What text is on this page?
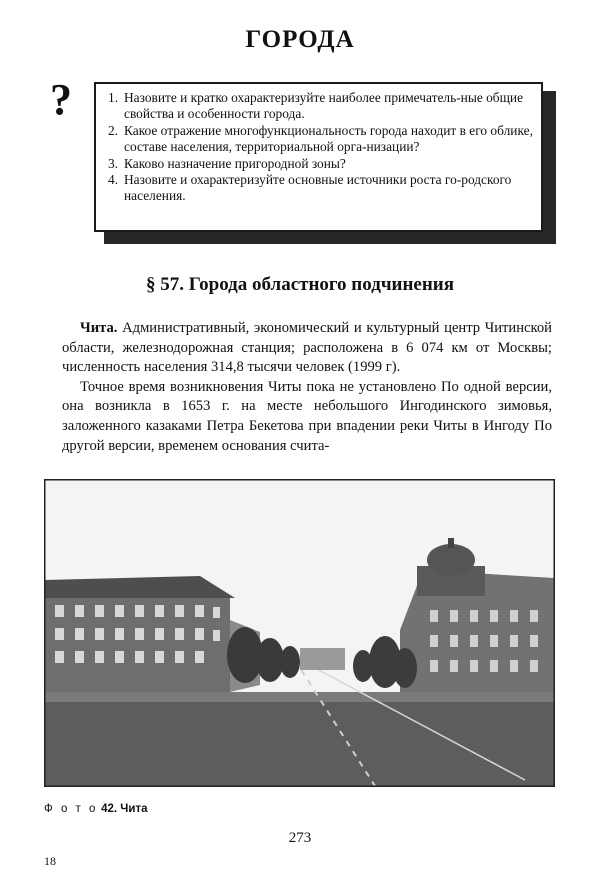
ГОРОДА
?	1. Назовите и кратко охарактеризуйте наиболее примечатель-ные общие свойства и особенности города.
2. Какое отражение многофункциональность города находит в его облике, составе населения, территориальной орга-низации?
3. Каково назначение пригородной зоны?
4. Назовите и охарактеризуйте основные источники роста го-родского населения.
§ 57. Города областного подчинения

Чита. Административный, экономический и культурный центр Читинской области, железнодорожная станция; расположена в 6 074 км от Москвы; численность населения 314,8 тысячи человек (1999 г).

Точное время возникновения Читы пока не установлено По одной версии, она возникла в 1653 г. на месте небольшого Ингодинского зимовья, заложенного казаками Петра Бекетова при впадении реки Читы в Ингоду По другой версии, временем основания счита-

Ф о т о 42. Чита
273
18
